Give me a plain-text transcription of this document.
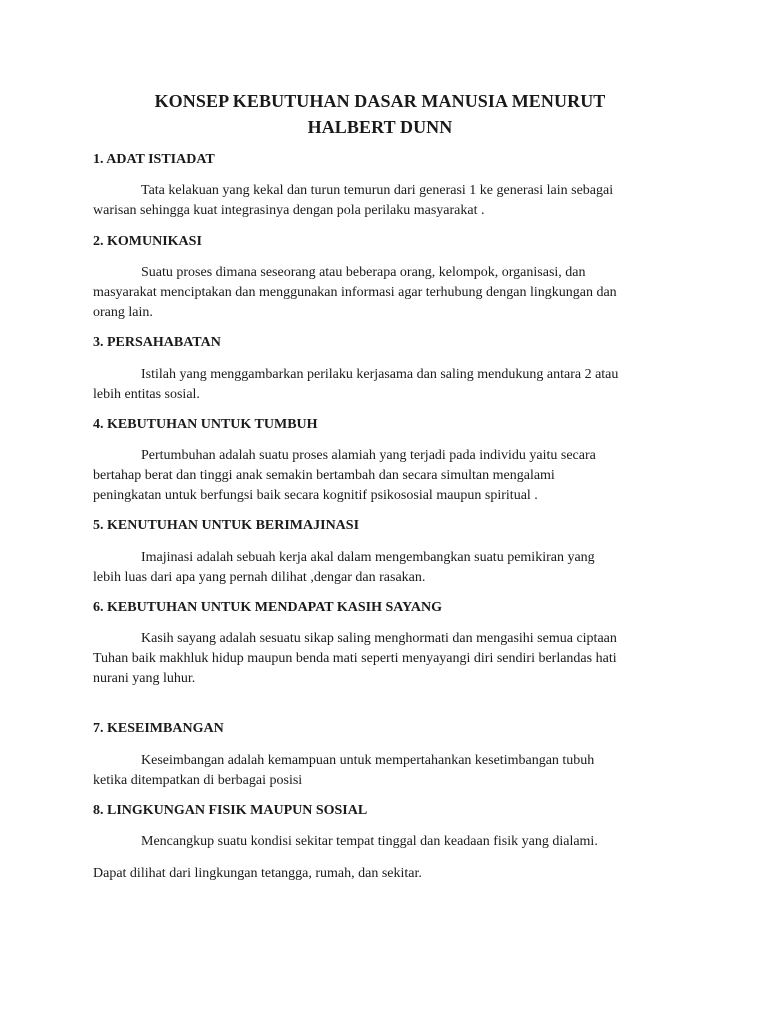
KONSEP KEBUTUHAN DASAR MANUSIA MENURUT
HALBERT DUNN
1. ADAT ISTIADAT
Tata kelakuan yang kekal dan turun temurun dari generasi 1 ke generasi lain sebagai
warisan sehingga kuat integrasinya dengan pola perilaku masyarakat .
2. KOMUNIKASI
Suatu proses dimana seseorang atau beberapa orang, kelompok, organisasi, dan
masyarakat menciptakan dan menggunakan informasi agar terhubung dengan lingkungan dan
orang lain.
3. PERSAHABATAN
Istilah yang menggambarkan perilaku kerjasama dan saling mendukung antara 2 atau
lebih entitas sosial.
4. KEBUTUHAN UNTUK TUMBUH
Pertumbuhan adalah suatu proses alamiah yang terjadi pada individu yaitu secara
bertahap berat dan tinggi anak semakin bertambah dan secara simultan mengalami
peningkatan untuk berfungsi baik secara kognitif psikososial maupun spiritual .
5. KENUTUHAN UNTUK BERIMAJINASI
Imajinasi adalah sebuah kerja akal dalam mengembangkan suatu pemikiran yang
lebih luas dari apa yang pernah dilihat ,dengar dan rasakan.
6. KEBUTUHAN UNTUK MENDAPAT KASIH SAYANG
Kasih sayang adalah sesuatu sikap saling menghormati dan mengasihi semua ciptaan
Tuhan baik makhluk hidup maupun benda mati seperti menyayangi diri sendiri berlandas hati
nurani yang luhur.
7. KESEIMBANGAN
Keseimbangan adalah kemampuan untuk mempertahankan kesetimbangan tubuh
ketika ditempatkan di berbagai posisi
8. LINGKUNGAN FISIK MAUPUN SOSIAL
Mencangkup suatu kondisi sekitar tempat tinggal dan keadaan fisik yang dialami.
Dapat dilihat dari lingkungan tetangga, rumah, dan sekitar.
